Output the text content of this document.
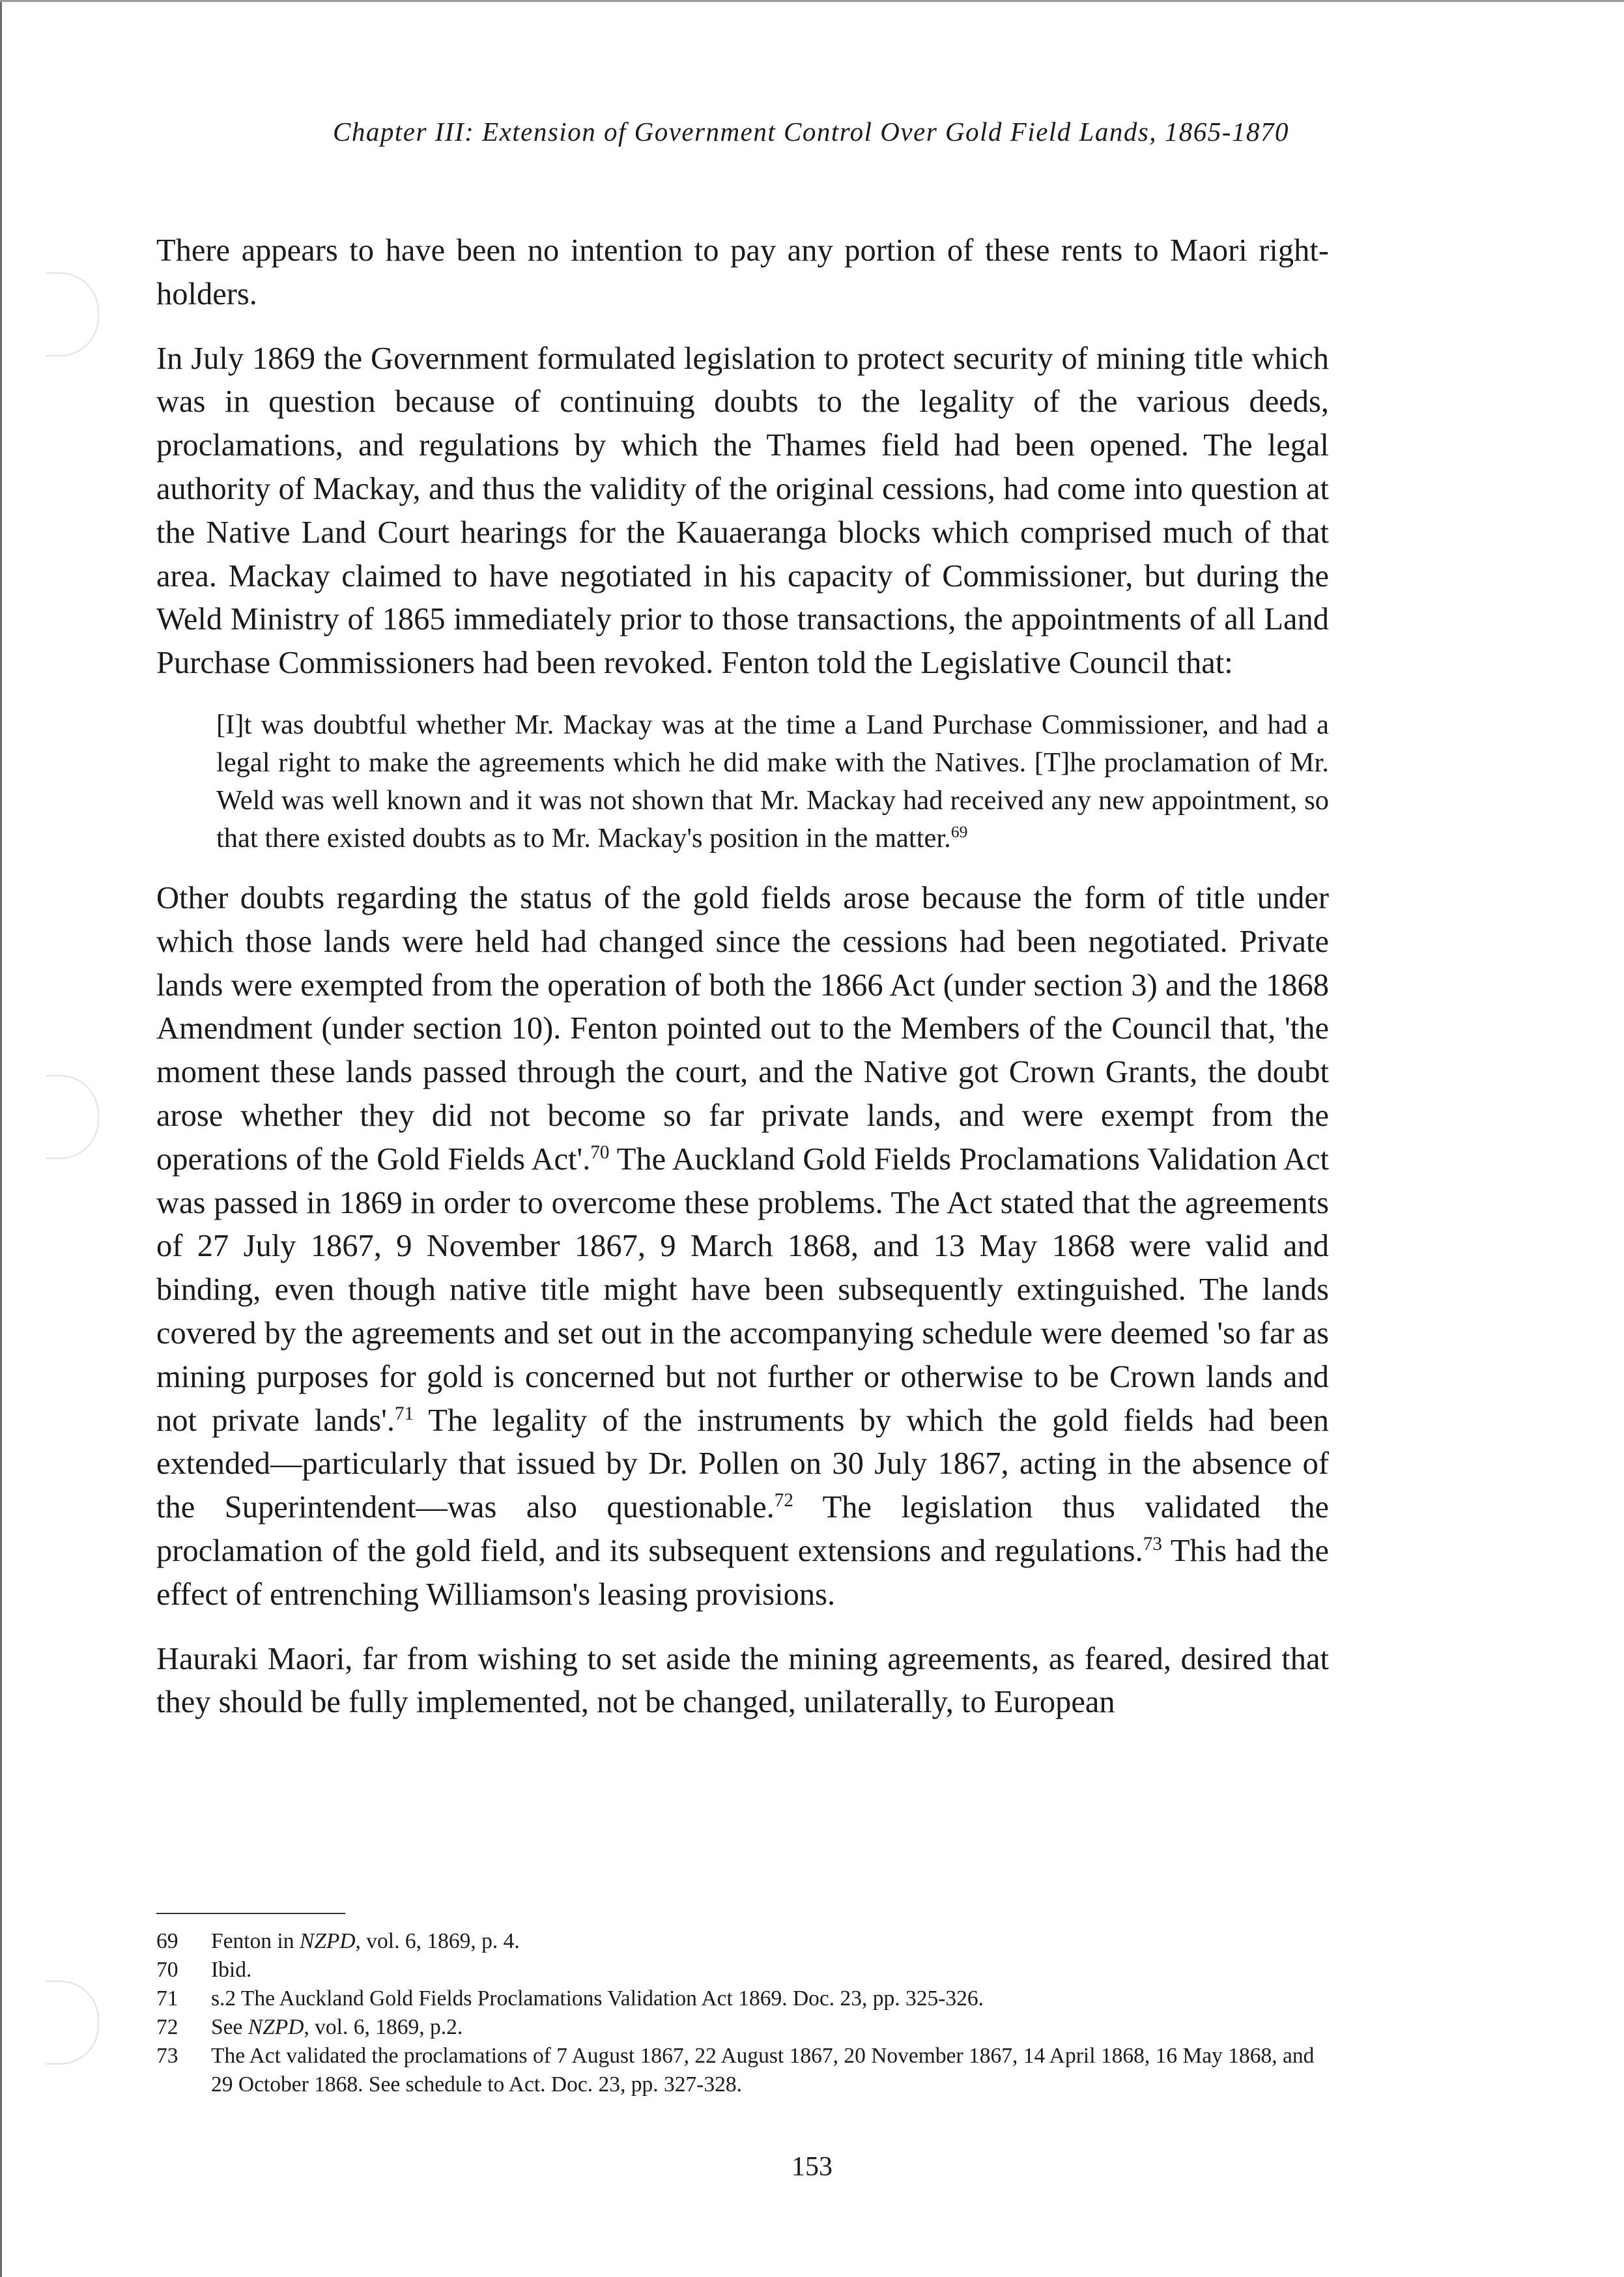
Chapter III: Extension of Government Control Over Gold Field Lands, 1865-1870

There appears to have been no intention to pay any portion of these rents to Maori right-holders.

In July 1869 the Government formulated legislation to protect security of mining title which was in question because of continuing doubts to the legality of the various deeds, proclamations, and regulations by which the Thames field had been opened. The legal authority of Mackay, and thus the validity of the original cessions, had come into question at the Native Land Court hearings for the Kauaeranga blocks which comprised much of that area. Mackay claimed to have negotiated in his capacity of Commissioner, but during the Weld Ministry of 1865 immediately prior to those transactions, the appointments of all Land Purchase Commissioners had been revoked. Fenton told the Legislative Council that:

[I]t was doubtful whether Mr. Mackay was at the time a Land Purchase Commissioner, and had a legal right to make the agreements which he did make with the Natives. [T]he proclamation of Mr. Weld was well known and it was not shown that Mr. Mackay had received any new appointment, so that there existed doubts as to Mr. Mackay's position in the matter.$^{69}$

Other doubts regarding the status of the gold fields arose because the form of title under which those lands were held had changed since the cessions had been negotiated. Private lands were exempted from the operation of both the 1866 Act (under section 3) and the 1868 Amendment (under section 10). Fenton pointed out to the Members of the Council that, 'the moment these lands passed through the court, and the Native got Crown Grants, the doubt arose whether they did not become so far private lands, and were exempt from the operations of the Gold Fields Act'.$^{70}$ The Auckland Gold Fields Proclamations Validation Act was passed in 1869 in order to overcome these problems. The Act stated that the agreements of 27 July 1867, 9 November 1867, 9 March 1868, and 13 May 1868 were valid and binding, even though native title might have been subsequently extinguished. The lands covered by the agreements and set out in the accompanying schedule were deemed 'so far as mining purposes for gold is concerned but not further or otherwise to be Crown lands and not private lands'.$^{71}$ The legality of the instruments by which the gold fields had been extended—particularly that issued by Dr. Pollen on 30 July 1867, acting in the absence of the Superintendent—was also questionable.$^{72}$ The legislation thus validated the proclamation of the gold field, and its subsequent extensions and regulations.$^{73}$ This had the effect of entrenching Williamson's leasing provisions.

Hauraki Maori, far from wishing to set aside the mining agreements, as feared, desired that they should be fully implemented, not be changed, unilaterally, to European

69 Fenton in NZPD, vol. 6, 1869, p. 4.
70 Ibid.
71 s.2 The Auckland Gold Fields Proclamations Validation Act 1869. Doc. 23, pp. 325-326.
72 See NZPD, vol. 6, 1869, p.2.
73 The Act validated the proclamations of 7 August 1867, 22 August 1867, 20 November 1867, 14 April 1868, 16 May 1868, and 29 October 1868. See schedule to Act. Doc. 23, pp. 327-328.
153
